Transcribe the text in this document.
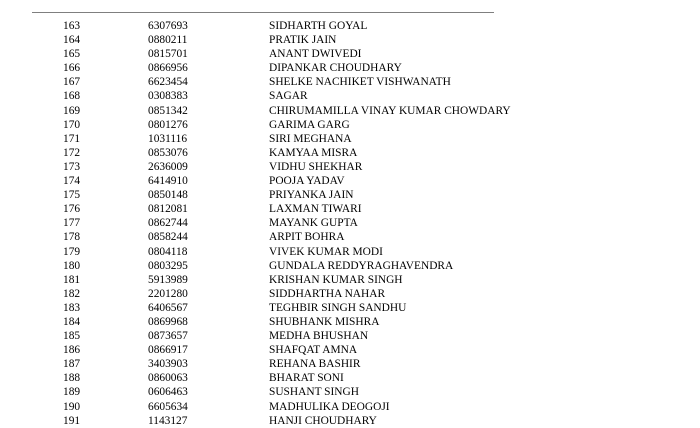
163	6307693	SIDHARTH GOYAL
164	0880211	PRATIK JAIN
165	0815701	ANANT DWIVEDI
166	0866956	DIPANKAR CHOUDHARY
167	6623454	SHELKE NACHIKET VISHWANATH
168	0308383	SAGAR
169	0851342	CHIRUMAMILLA VINAY KUMAR CHOWDARY
170	0801276	GARIMA GARG
171	1031116	SIRI MEGHANA
172	0853076	KAMYAA MISRA
173	2636009	VIDHU SHEKHAR
174	6414910	POOJA YADAV
175	0850148	PRIYANKA JAIN
176	0812081	LAXMAN TIWARI
177	0862744	MAYANK GUPTA
178	0858244	ARPIT BOHRA
179	0804118	VIVEK KUMAR MODI
180	0803295	GUNDALA REDDYRAGHAVENDRA
181	5913989	KRISHAN KUMAR SINGH
182	2201280	SIDDHARTHA NAHAR
183	6406567	TEGHBIR SINGH SANDHU
184	0869968	SHUBHANK MISHRA
185	0873657	MEDHA BHUSHAN
186	0866917	SHAFQAT AMNA
187	3403903	REHANA BASHIR
188	0860063	BHARAT SONI
189	0606463	SUSHANT SINGH
190	6605634	MADHULIKA DEOGOJI
191	1143127	HANJI CHOUDHARY
